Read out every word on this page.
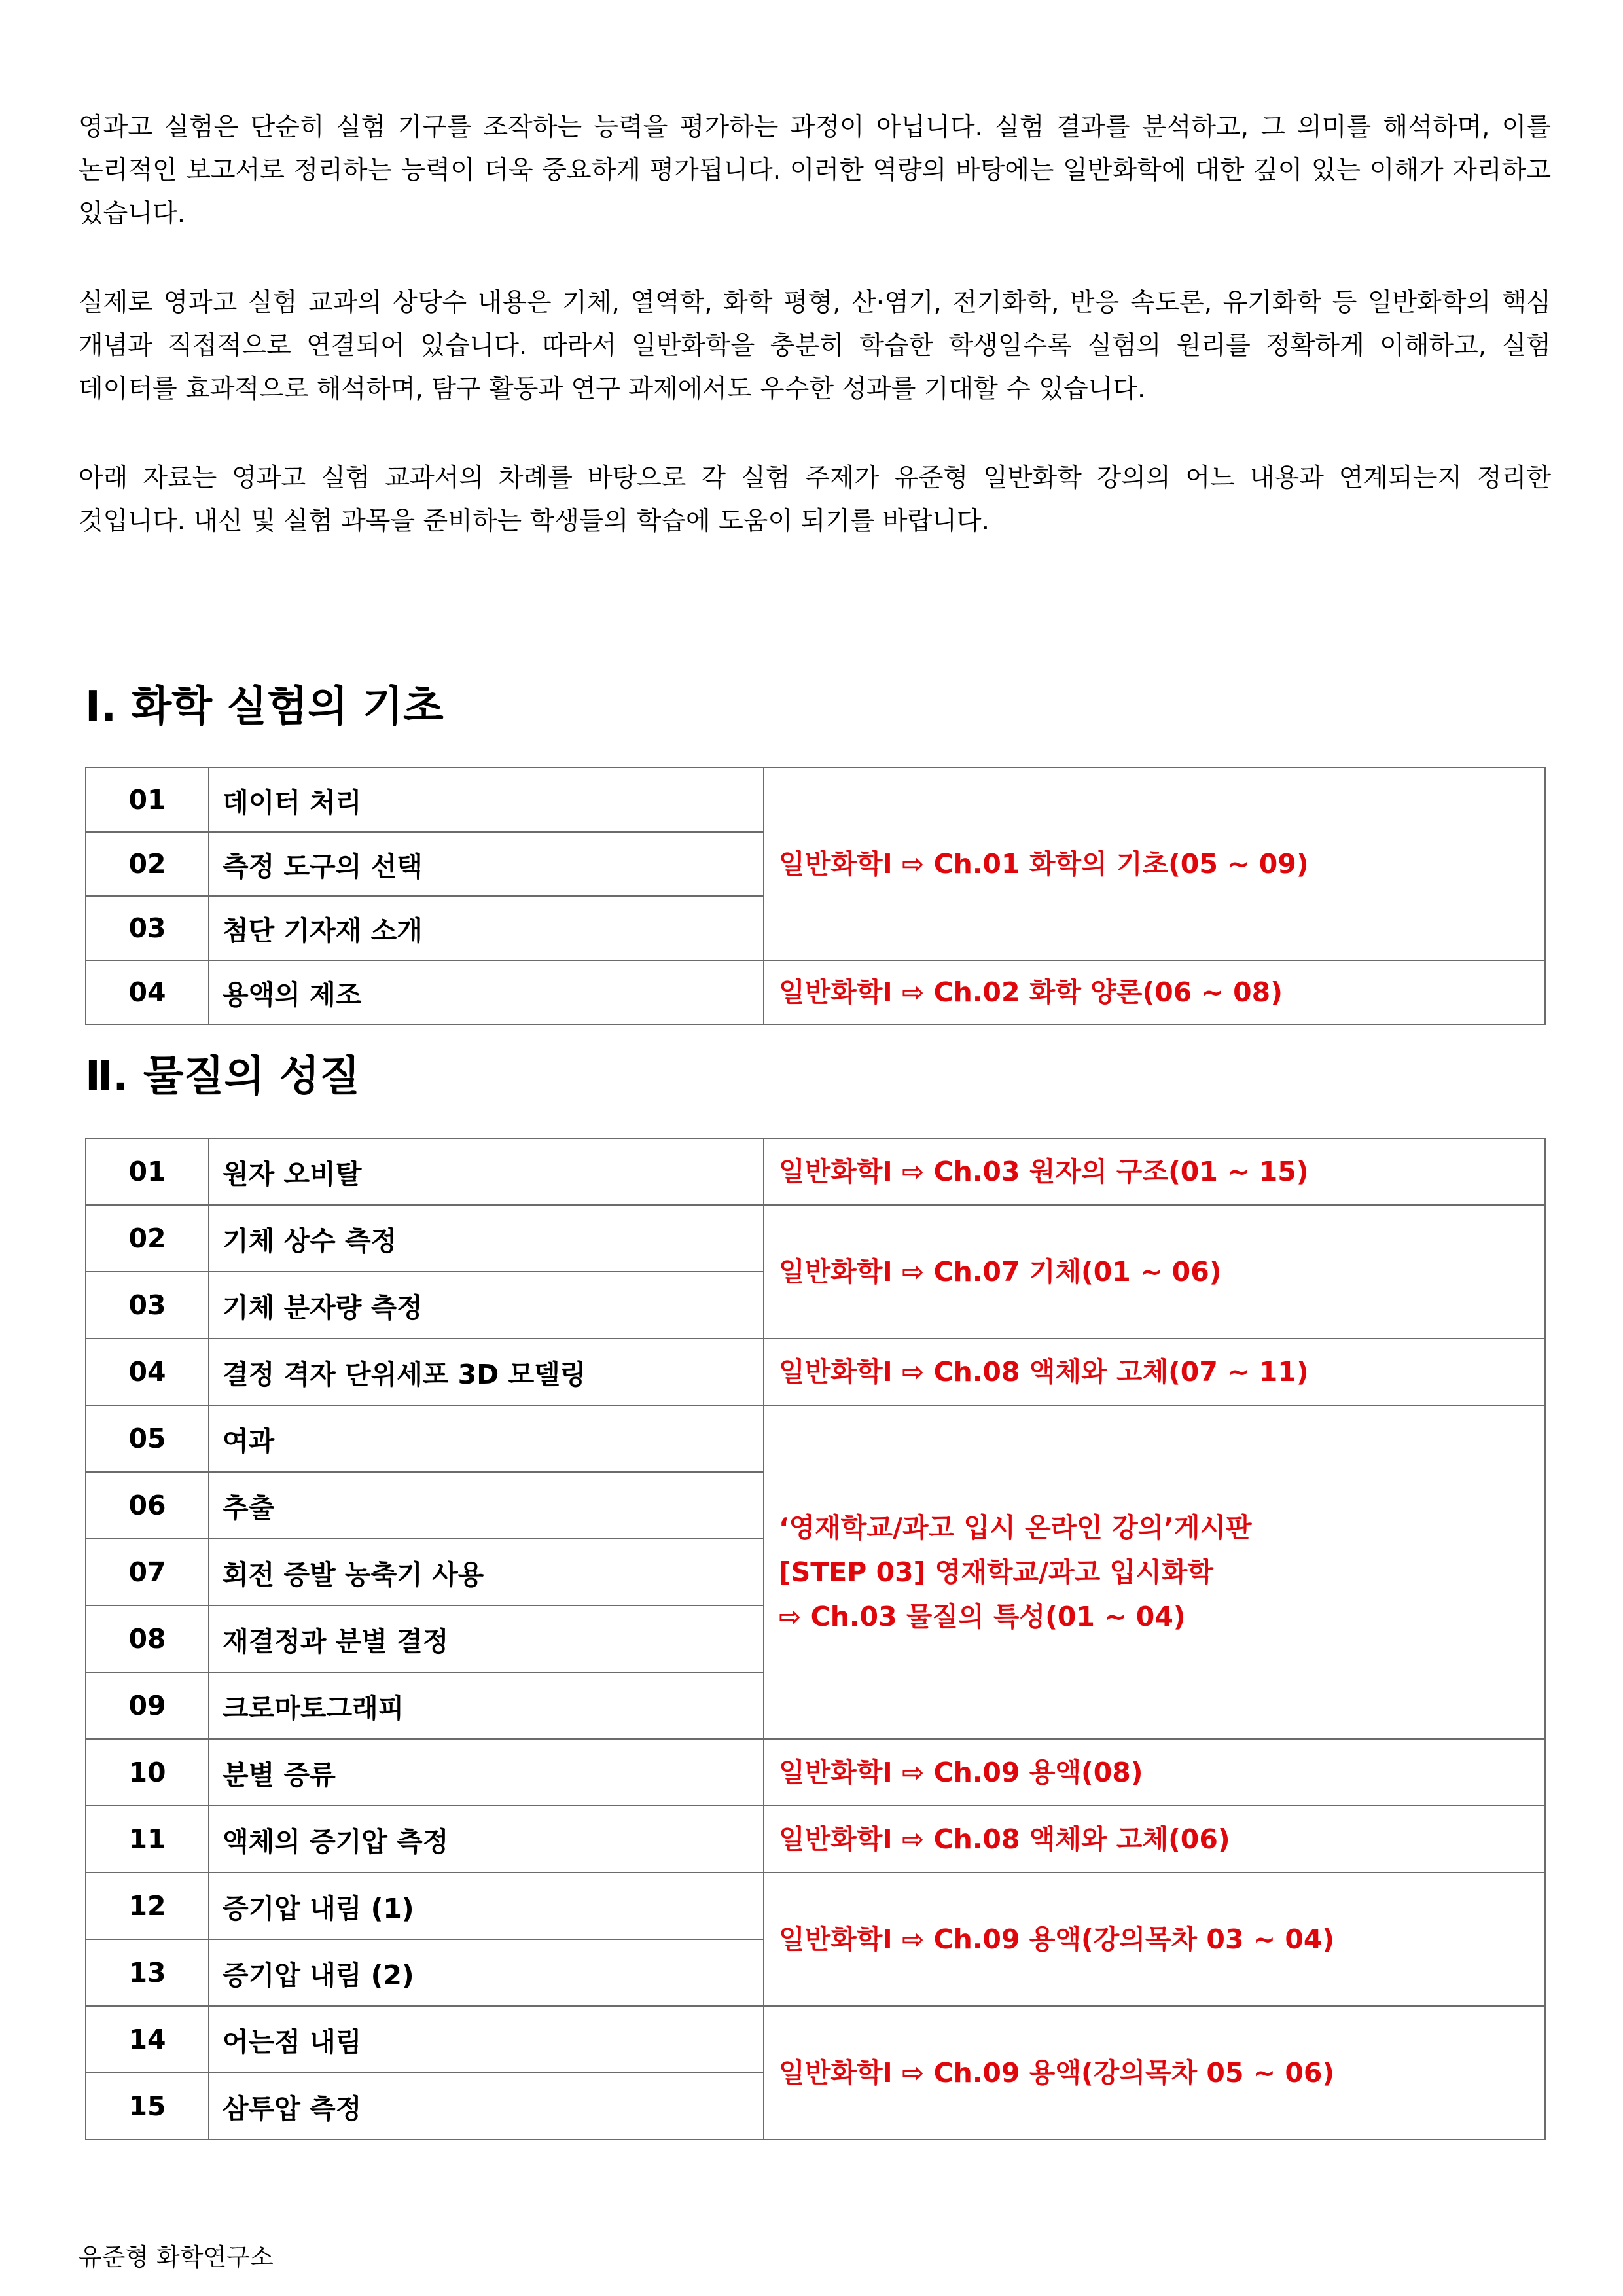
영과고 실험은 단순히 실험 기구를 조작하는 능력을 평가하는 과정이 아닙니다. 실험 결과를 분석하고, 그 의미를 해석하며, 이를 논리적인 보고서로 정리하는 능력이 더욱 중요하게 평가됩니다. 이러한 역량의 바탕에는 일반화학에 대한 깊이 있는 이해가 자리하고 있습니다.

실제로 영과고 실험 교과의 상당수 내용은 기체, 열역학, 화학 평형, 산·염기, 전기화학, 반응 속도론, 유기화학 등 일반화학의 핵심 개념과 직접적으로 연결되어 있습니다. 따라서 일반화학을 충분히 학습한 학생일수록 실험의 원리를 정확하게 이해하고, 실험 데이터를 효과적으로 해석하며, 탐구 활동과 연구 과제에서도 우수한 성과를 기대할 수 있습니다.

아래 자료는 영과고 실험 교과서의 차례를 바탕으로 각 실험 주제가 유준형 일반화학 강의의 어느 내용과 연계되는지 정리한 것입니다. 내신 및 실험 과목을 준비하는 학생들의 학습에 도움이 되기를 바랍니다.

Ⅰ. 화학 실험의 기초
01	데이터 처리	일반화학Ⅰ ⇨ Ch.01 화학의 기초(05 ~ 09)

02	측정 도구의 선택	
03	첨단 기자재 소개	
04	용액의 제조	일반화학Ⅰ ⇨ Ch.02 화학 양론(06 ~ 08)
Ⅱ. 물질의 성질
01	원자 오비탈	일반화학Ⅰ ⇨ Ch.03 원자의 구조(01 ~ 15)

02	기체 상수 측정	일반화학Ⅰ ⇨ Ch.07 기체(01 ~ 06)

03	기체 분자량 측정	
04	결정 격자 단위세포 3D 모델링	일반화학Ⅰ ⇨ Ch.08 액체와 고체(07 ~ 11)

05	여과	‘영재학교/과고 입시 온라인 강의’게시판
[STEP 03] 영재학교/과고 입시화학
⇨ Ch.03 물질의 특성(01 ~ 04)

06	추출	
07	회전 증발 농축기 사용	
08	재결정과 분별 결정	
09	크로마토그래피	
10	분별 증류	일반화학Ⅰ ⇨ Ch.09 용액(08)

11	액체의 증기압 측정	일반화학Ⅰ ⇨ Ch.08 액체와 고체(06)

12	증기압 내림 (1)	일반화학Ⅰ ⇨ Ch.09 용액(강의목차 03 ~ 04)

13	증기압 내림 (2)	
14	어는점 내림	일반화학Ⅰ ⇨ Ch.09 용액(강의목차 05 ~ 06)

15	삼투압 측정	
유준형 화학연구소
